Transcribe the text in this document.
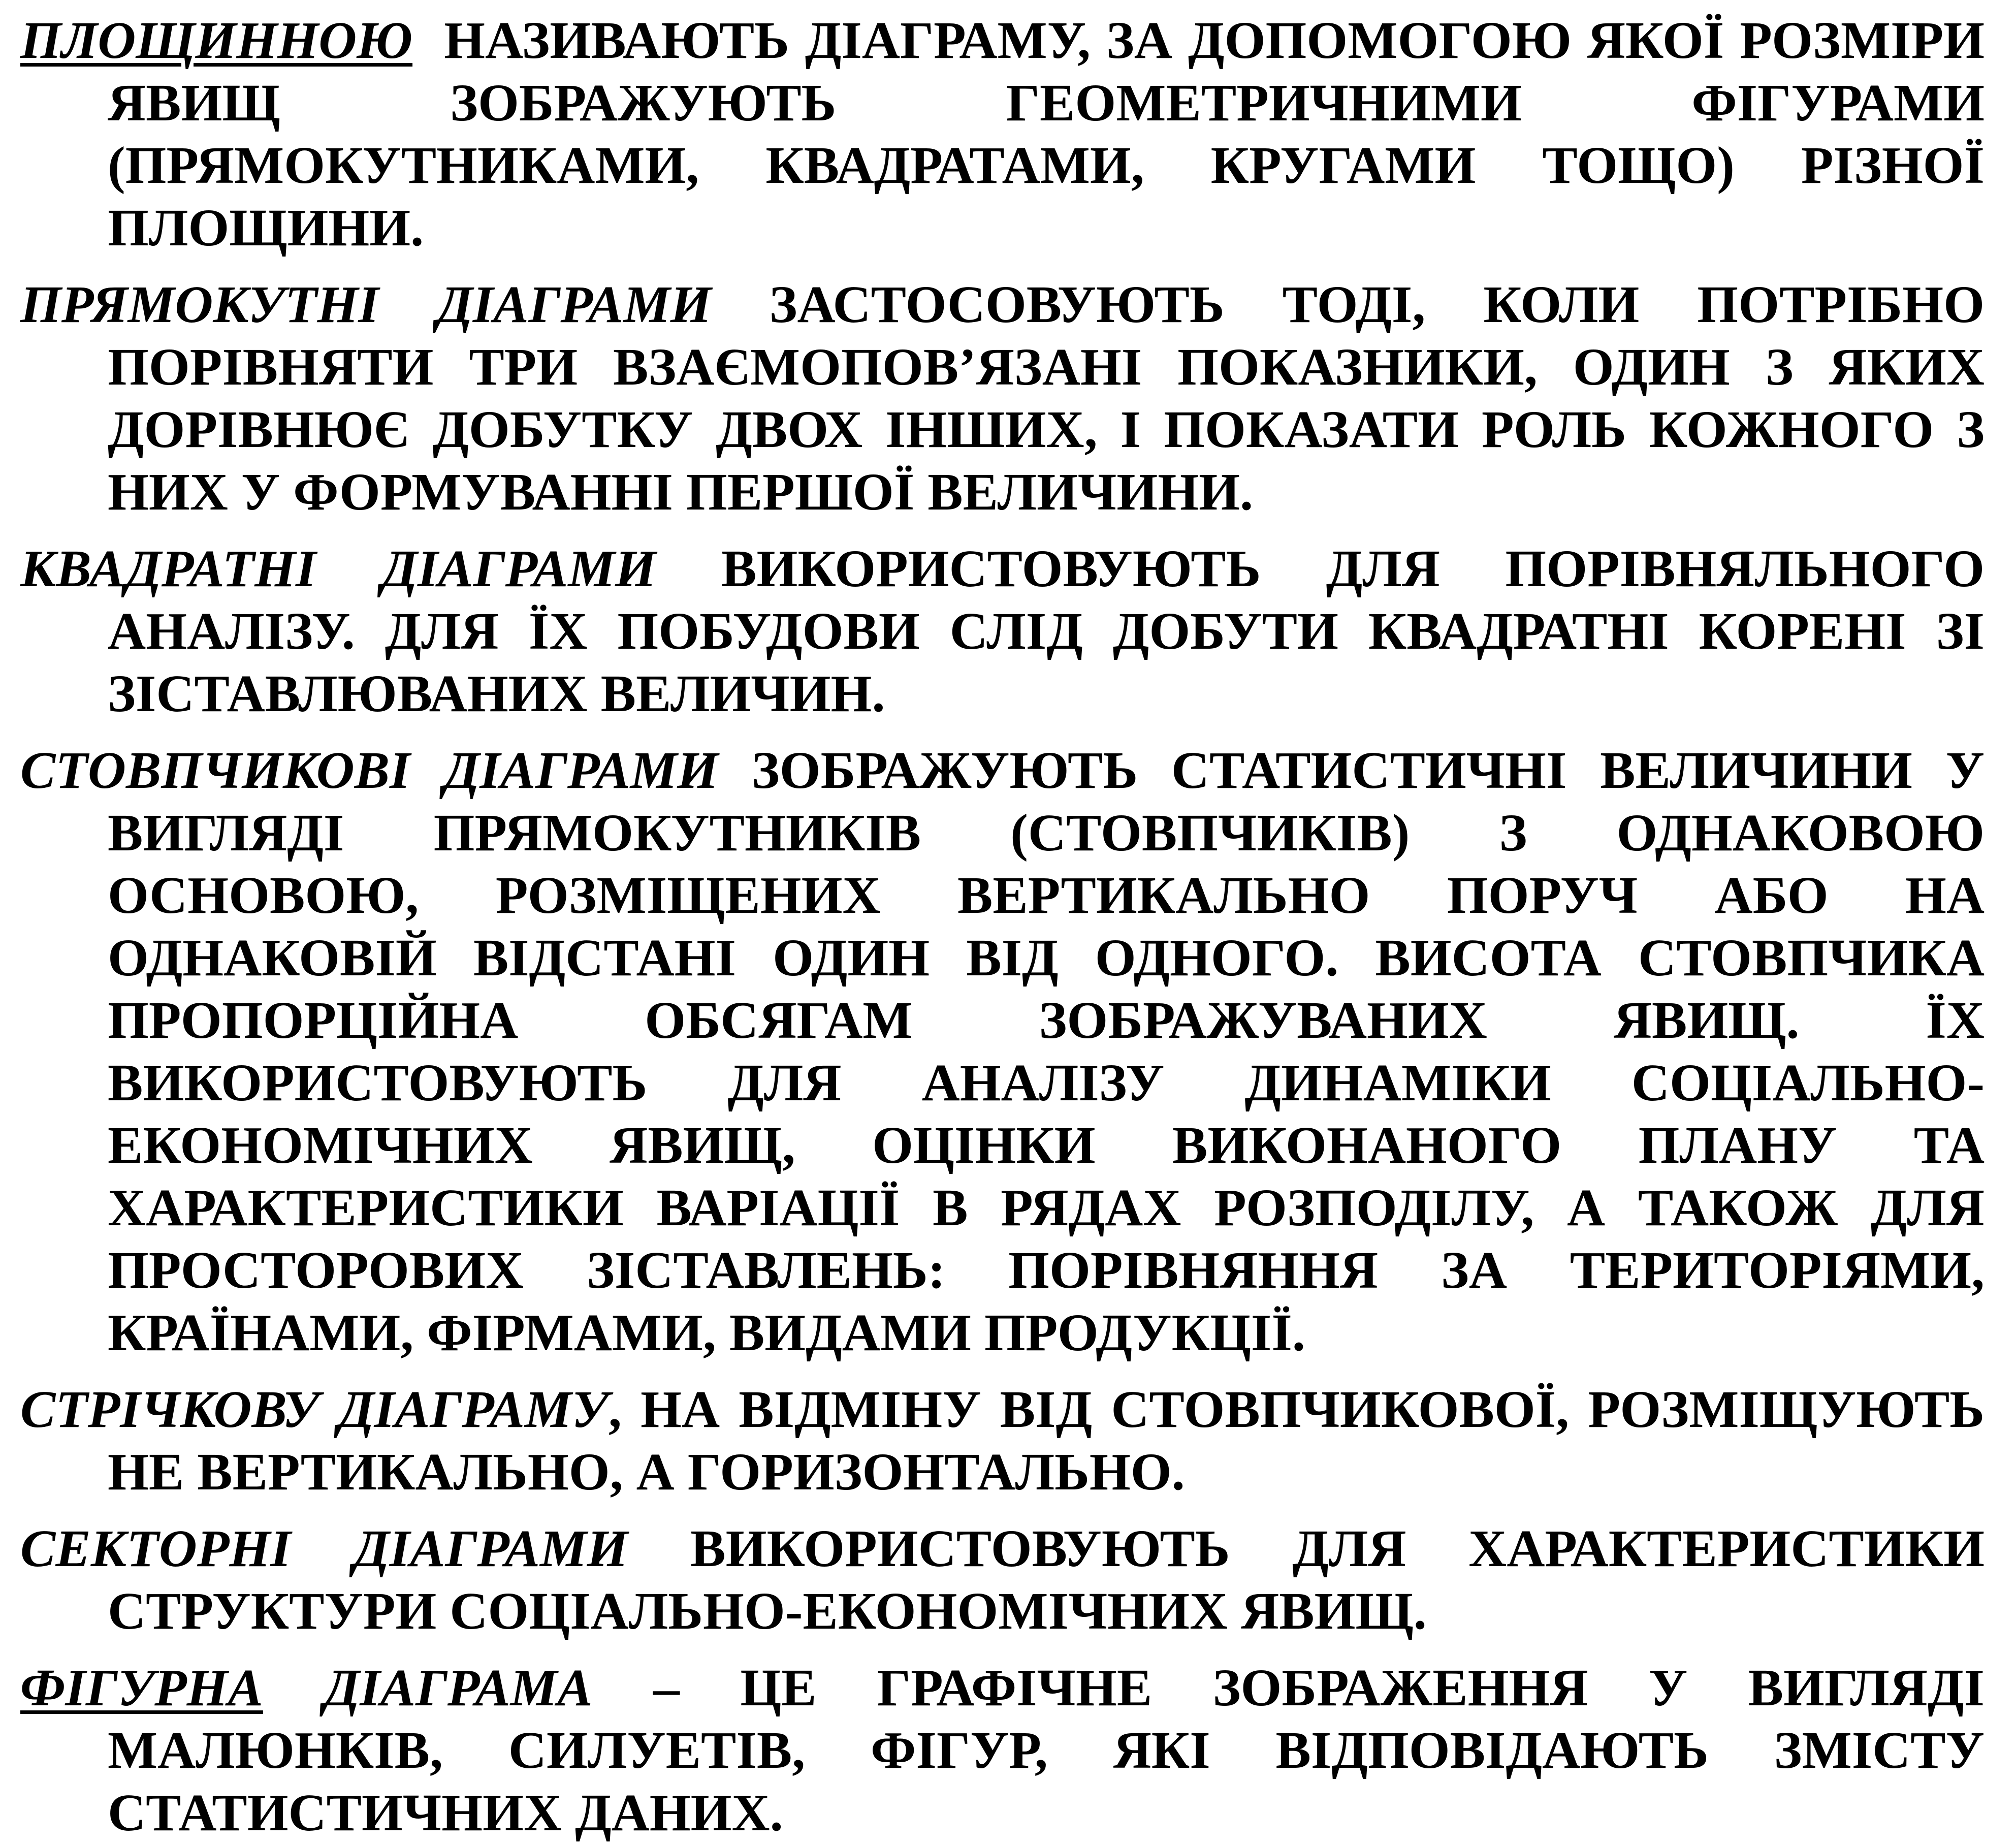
ПЛОЩИННОЮ  НАЗИВАЮТЬ ДІАГРАМУ, ЗА ДОПОМОГОЮ ЯКОЇ РОЗМІРИ ЯВИЩ ЗОБРАЖУЮТЬ ГЕОМЕТРИЧНИМИ ФІГУРАМИ (ПРЯМОКУТНИКАМИ, КВАДРАТАМИ, КРУГАМИ ТОЩО) РІЗНОЇ ПЛОЩИНИ.

ПРЯМОКУТНІ ДІАГРАМИ ЗАСТОСОВУЮТЬ ТОДІ, КОЛИ ПОТРІБНО ПОРІВНЯТИ ТРИ ВЗАЄМОПОВ’ЯЗАНІ ПОКАЗНИКИ, ОДИН З ЯКИХ ДОРІВНЮЄ ДОБУТКУ ДВОХ ІНШИХ, І ПОКАЗАТИ РОЛЬ КОЖНОГО З НИХ У ФОРМУВАННІ ПЕРШОЇ ВЕЛИЧИНИ.

КВАДРАТНІ ДІАГРАМИ ВИКОРИСТОВУЮТЬ ДЛЯ ПОРІВНЯЛЬНОГО АНАЛІЗУ. ДЛЯ ЇХ ПОБУДОВИ СЛІД ДОБУТИ КВАДРАТНІ КОРЕНІ ЗІ ЗІСТАВЛЮВАНИХ ВЕЛИЧИН.

СТОВПЧИКОВІ ДІАГРАМИ ЗОБРАЖУЮТЬ СТАТИСТИЧНІ ВЕЛИЧИНИ У ВИГЛЯДІ ПРЯМОКУТНИКІВ (СТОВПЧИКІВ) З ОДНАКОВОЮ ОСНОВОЮ, РОЗМІЩЕНИХ ВЕРТИКАЛЬНО ПОРУЧ АБО НА ОДНАКОВІЙ ВІДСТАНІ ОДИН ВІД ОДНОГО. ВИСОТА СТОВПЧИКА ПРОПОРЦІЙНА ОБСЯГАМ ЗОБРАЖУВАНИХ ЯВИЩ. ЇХ ВИКОРИСТОВУЮТЬ ДЛЯ АНАЛІЗУ ДИНАМІКИ СОЦІАЛЬНО-ЕКОНОМІЧНИХ ЯВИЩ, ОЦІНКИ ВИКОНАНОГО ПЛАНУ ТА ХАРАКТЕРИСТИКИ ВАРІАЦІЇ В РЯДАХ РОЗПОДІЛУ, А ТАКОЖ ДЛЯ ПРОСТОРОВИХ ЗІСТАВЛЕНЬ: ПОРІВНЯННЯ ЗА ТЕРИТОРІЯМИ, КРАЇНАМИ, ФІРМАМИ, ВИДАМИ ПРОДУКЦІЇ.

СТРІЧКОВУ ДІАГРАМУ, НА ВІДМІНУ ВІД СТОВПЧИКОВОЇ, РОЗМІЩУЮТЬ НЕ ВЕРТИКАЛЬНО, А ГОРИЗОНТАЛЬНО.

СЕКТОРНІ ДІАГРАМИ ВИКОРИСТОВУЮТЬ ДЛЯ ХАРАКТЕРИСТИКИ СТРУКТУРИ СОЦІАЛЬНО-ЕКОНОМІЧНИХ ЯВИЩ.

ФІГУРНА ДІАГРАМА – ЦЕ ГРАФІЧНЕ ЗОБРАЖЕННЯ У ВИГЛЯДІ МАЛЮНКІВ, СИЛУЕТІВ, ФІГУР, ЯКІ ВІДПОВІДАЮТЬ ЗМІСТУ СТАТИСТИЧНИХ ДАНИХ.
